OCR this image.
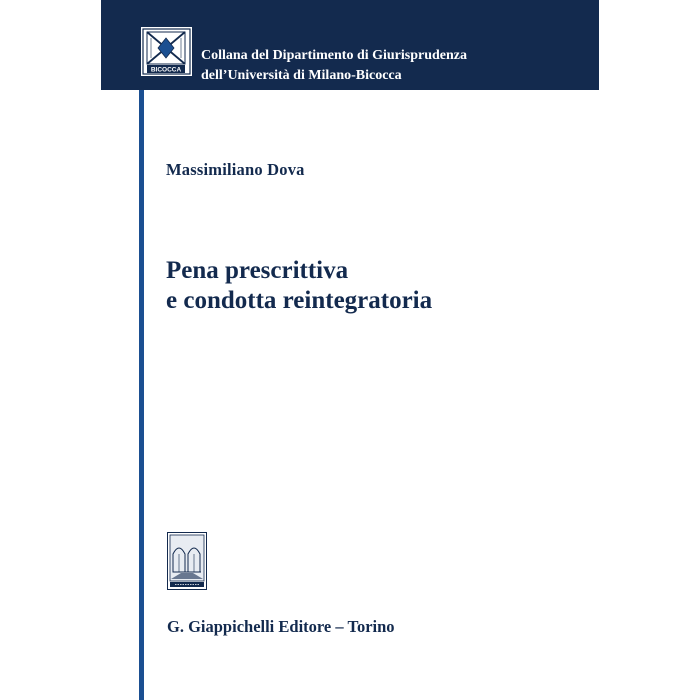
BICOCCA
Collana del Dipartimento di Giurisprudenza
dell’Università di Milano-Bicocca
Massimiliano Dova
Pena prescrittiva
e condotta reintegratoria
G. Giappichelli Editore – Torino
